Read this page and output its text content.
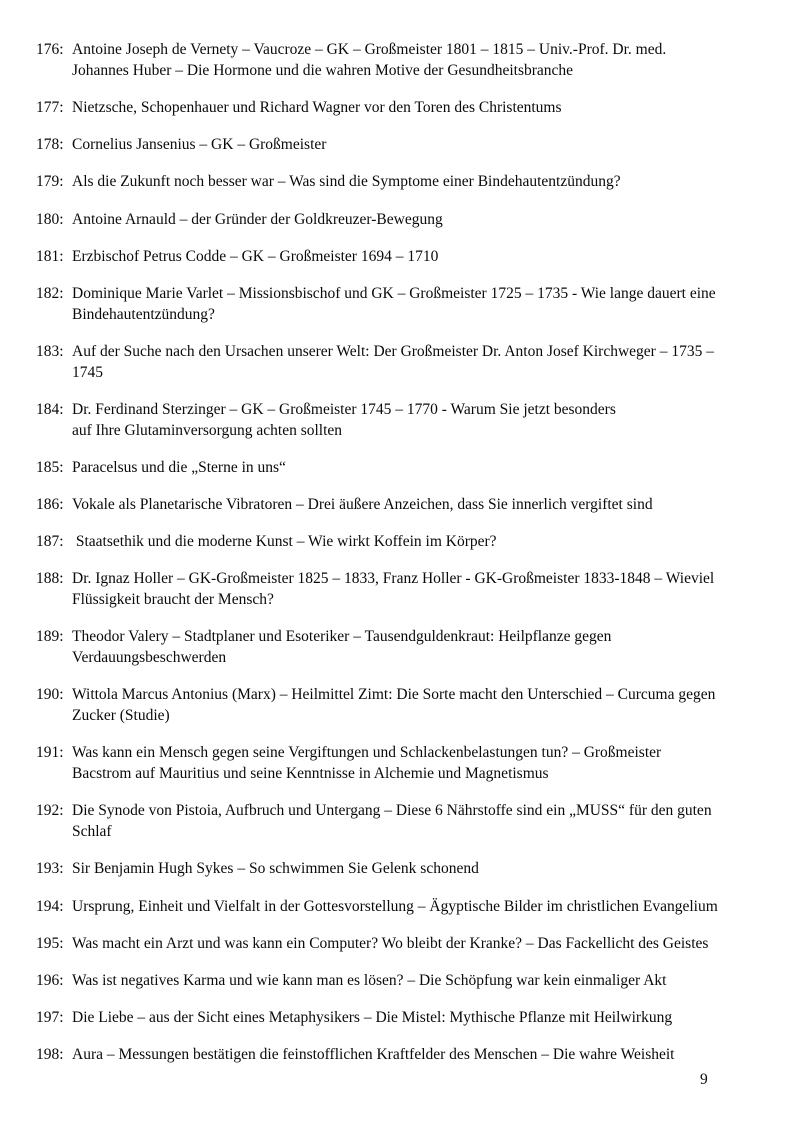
176: Antoine Joseph de Vernety – Vaucroze – GK – Großmeister 1801 – 1815 – Univ.-Prof. Dr. med.
Johannes Huber – Die Hormone und die wahren Motive der Gesundheitsbranche
177: Nietzsche, Schopenhauer und Richard Wagner vor den Toren des Christentums
178: Cornelius Jansenius – GK – Großmeister
179: Als die Zukunft noch besser war – Was sind die Symptome einer Bindehautentzündung?
180: Antoine Arnauld – der Gründer der Goldkreuzer-Bewegung
181: Erzbischof Petrus Codde – GK – Großmeister 1694 – 1710
182: Dominique Marie Varlet – Missionsbischof und GK – Großmeister 1725 – 1735 - Wie lange dauert eine
Bindehautentzündung?
183: Auf der Suche nach den Ursachen unserer Welt: Der Großmeister Dr. Anton Josef Kirchweger – 1735 –
1745
184: Dr. Ferdinand Sterzinger – GK – Großmeister 1745 – 1770 - Warum Sie jetzt besonders
auf Ihre Glutaminversorgung achten sollten
185: Paracelsus und die „Sterne in uns“
186: Vokale als Planetarische Vibratoren – Drei äußere Anzeichen, dass Sie innerlich vergiftet sind
187: Staatsethik und die moderne Kunst – Wie wirkt Koffein im Körper?
188: Dr. Ignaz Holler – GK-Großmeister 1825 – 1833, Franz Holler - GK-Großmeister 1833-1848 – Wieviel
Flüssigkeit braucht der Mensch?
189: Theodor Valery – Stadtplaner und Esoteriker – Tausendguldenkraut: Heilpflanze gegen
Verdauungsbeschwerden
190: Wittola Marcus Antonius (Marx) – Heilmittel Zimt: Die Sorte macht den Unterschied – Curcuma gegen
Zucker (Studie)
191: Was kann ein Mensch gegen seine Vergiftungen und Schlackenbelastungen tun? – Großmeister
Bacstrom auf Mauritius und seine Kenntnisse in Alchemie und Magnetismus
192: Die Synode von Pistoia, Aufbruch und Untergang – Diese 6 Nährstoffe sind ein „MUSS“ für den guten
Schlaf
193: Sir Benjamin Hugh Sykes – So schwimmen Sie Gelenk schonend
194: Ursprung, Einheit und Vielfalt in der Gottesvorstellung – Ägyptische Bilder im christlichen Evangelium
195: Was macht ein Arzt und was kann ein Computer? Wo bleibt der Kranke? – Das Fackellicht des Geistes
196: Was ist negatives Karma und wie kann man es lösen? – Die Schöpfung war kein einmaliger Akt
197: Die Liebe – aus der Sicht eines Metaphysikers – Die Mistel: Mythische Pflanze mit Heilwirkung
198: Aura – Messungen bestätigen die feinstofflichen Kraftfelder des Menschen – Die wahre Weisheit
9
